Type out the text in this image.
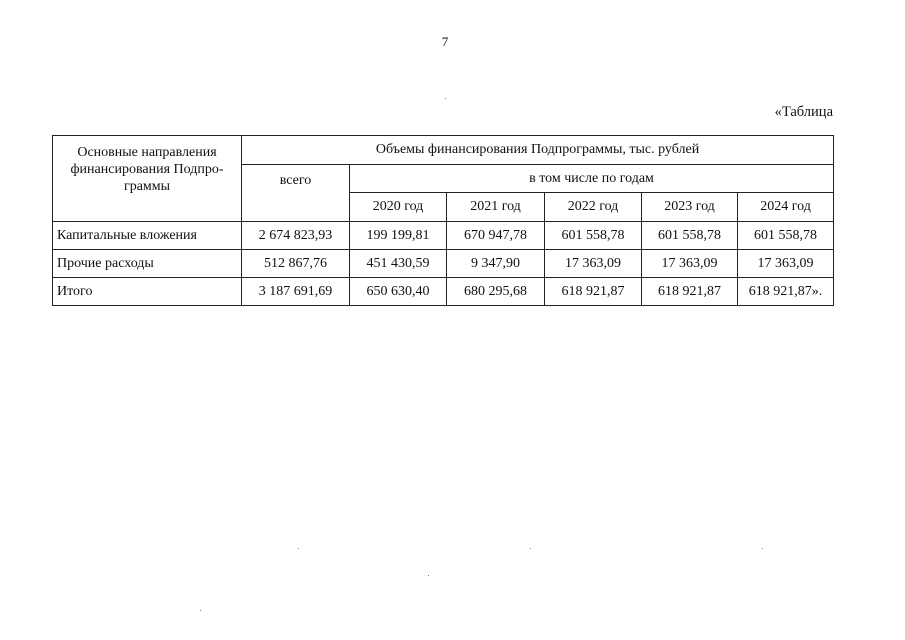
7
«Таблица
Основные направления
финансирования Подпро-
граммы	Объемы финансирования Подпрограммы, тыс. рублей					
	всего	в том числе по годам				
		2020 год	2021 год	2022 год	2023 год	2024 год
Капитальные вложения	2 674 823,93	199 199,81	670 947,78	601 558,78	601 558,78	601 558,78
Прочие расходы	512 867,76	451 430,59	9 347,90	17 363,09	17 363,09	17 363,09
Итого	3 187 691,69	650 630,40	680 295,68	618 921,87	618 921,87	618 921,87».
